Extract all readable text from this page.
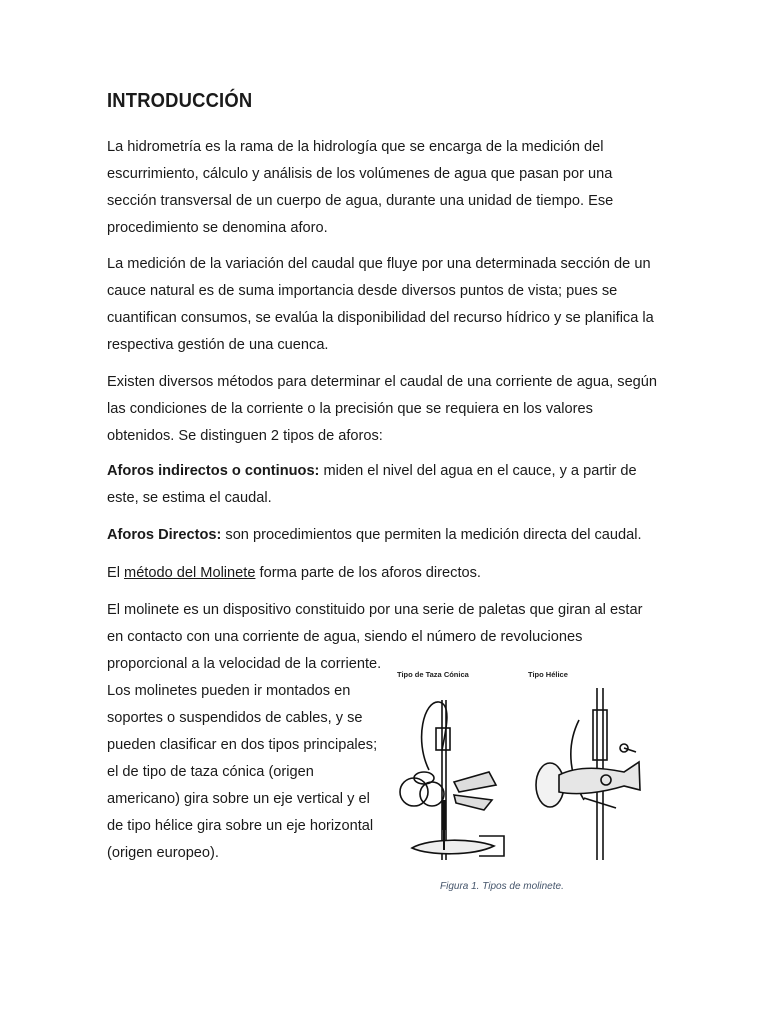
INTRODUCCIÓN

La hidrometría es la rama de la hidrología que se encarga de la medición del escurrimiento, cálculo y análisis de los volúmenes de agua que pasan por una sección transversal de un cuerpo de agua, durante una unidad de tiempo. Ese procedimiento se denomina aforo.

La medición de la variación del caudal que fluye por una determinada sección de un cauce natural es de suma importancia desde diversos puntos de vista; pues se cuantifican consumos, se evalúa la disponibilidad del recurso hídrico y se planifica la respectiva gestión de una cuenca.

Existen diversos métodos para determinar el caudal de una corriente de agua, según las condiciones de la corriente o la precisión que se requiera en los valores obtenidos. Se distinguen 2 tipos de aforos:

Aforos indirectos o continuos: miden el nivel del agua en el cauce, y a partir de este, se estima el caudal.

Aforos Directos: son procedimientos que permiten la medición directa del caudal.

El método del Molinete forma parte de los aforos directos.

El molinete es un dispositivo constituido por una serie de paletas que giran al estar en contacto con una corriente de agua, siendo el número de revoluciones

proporcional a la velocidad de la corriente. Los molinetes pueden ir montados en soportes o suspendidos de cables, y se pueden clasificar en dos tipos principales; el de tipo de taza cónica (origen americano) gira sobre un eje vertical y el de tipo hélice gira sobre un eje horizontal (origen europeo).

Tipo de Taza Cónica	Tipo Hélice
Figura 1. Tipos de molinete.
